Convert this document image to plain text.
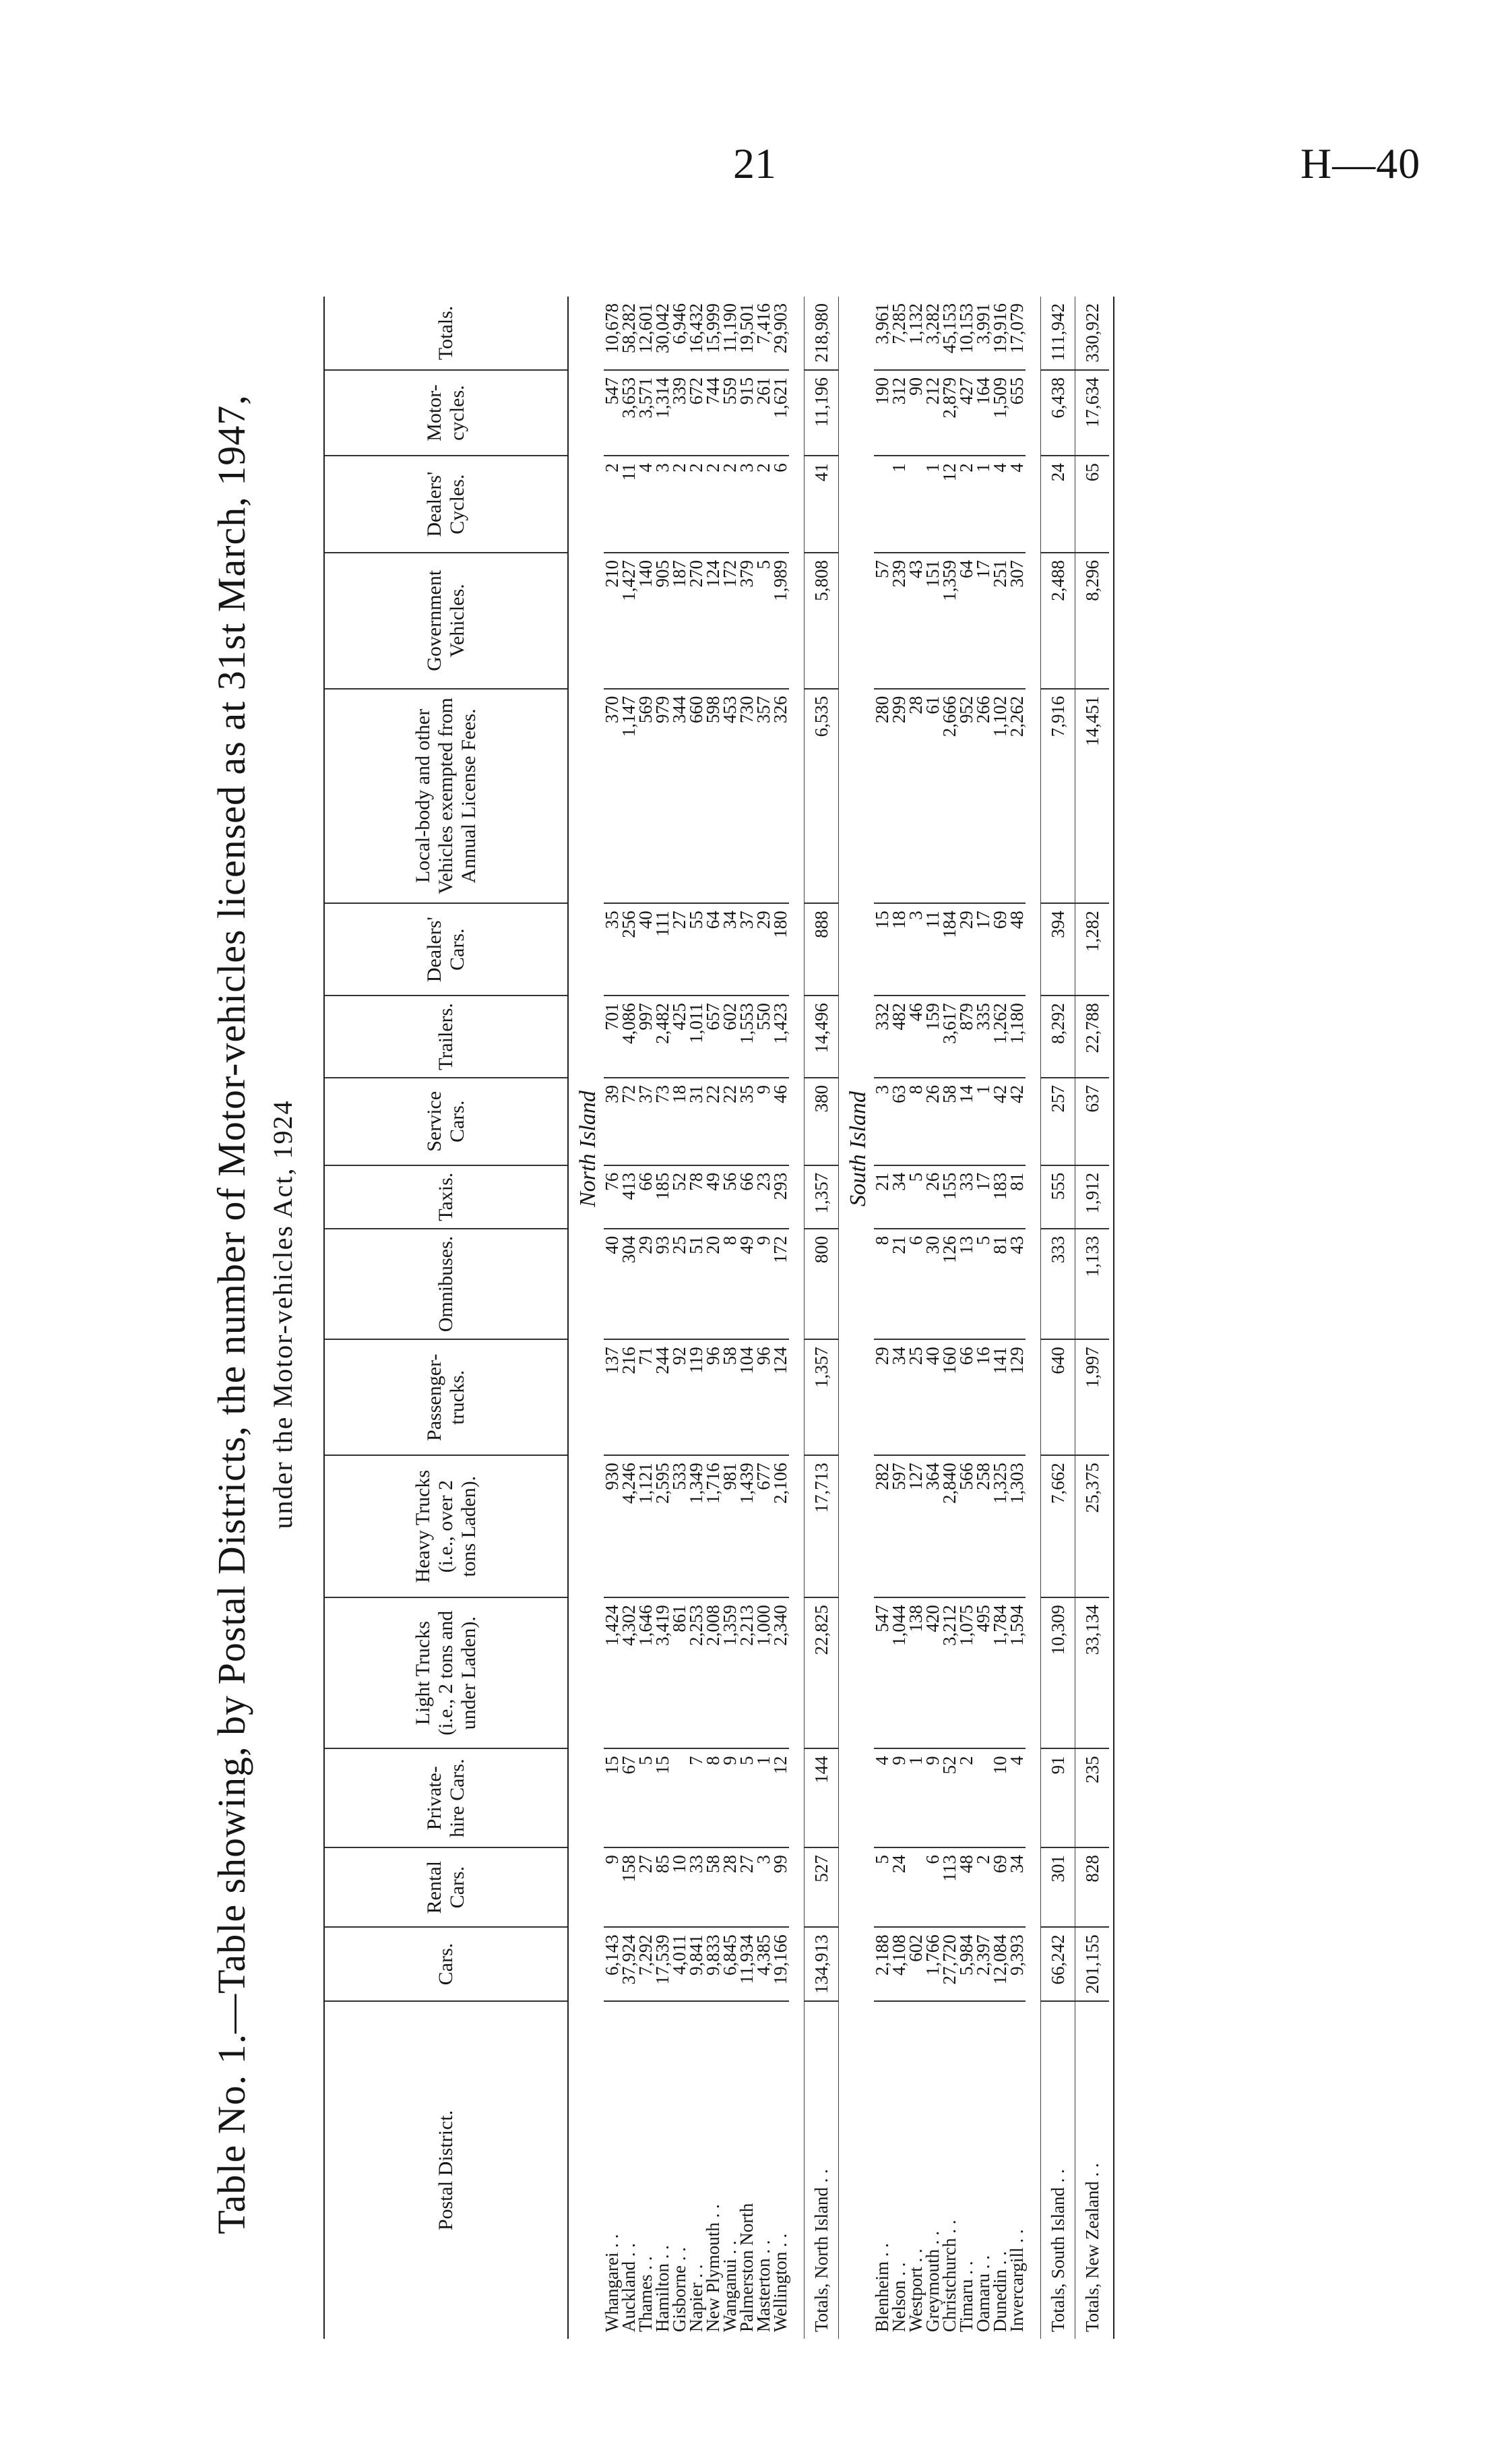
21	H—40
Table No. 1.—Table showing, by Postal Districts, the number of Motor-vehicles licensed as at 31st March, 1947, under the Motor-vehicles Act, 1924
Postal District.	Cars.	Rental Cars.	Private-hire Cars.	Light Trucks (i.e., 2 tons and under Laden).	Heavy Trucks (i.e., over 2 tons Laden).	Passenger-trucks.	Omnibuses.	Taxis.	Service Cars.	Trailers.	Dealers' Cars.	Local-body and other Vehicles exempted from Annual License Fees.	Government Vehicles.	Dealers' Cycles.	Motor-cycles.	Totals.
	North Island															
Whangarei . .	6,143	9	15	1,424	930	137	40	76	39	701	35	370	210	2	547	10,678
Auckland . .	37,924	158	67	4,302	4,246	216	304	413	72	4,086	256	1,147	1,427	11	3,653	58,282
Thames . .	7,292	27	5	1,646	1,121	71	29	66	37	997	40	569	140	4	3,571	12,601
Hamilton . .	17,539	85	15	3,419	2,595	244	93	185	73	2,482	111	979	905	3	1,314	30,042
Gisborne . .	4,011	10		861	533	92	25	52	18	425	27	344	187	2	339	6,946
Napier . .	9,841	33	7	2,253	1,349	119	51	78	31	1,011	55	660	270	2	672	16,432
New Plymouth . .	9,833	58	8	2,008	1,716	96	20	49	22	657	64	598	124	2	744	15,999
Wanganui . .	6,845	28	9	1,359	981	58	8	56	22	602	34	453	172	2	559	11,190
Palmerston North	11,934	27	5	2,213	1,439	104	49	66	35	1,553	37	730	379	3	915	19,501
Masterton . .	4,385	3	1	1,000	677	96	9	23	9	550	29	357	5	2	261	7,416
Wellington . .	19,166	99	12	2,340	2,106	124	172	293	46	1,423	180	326	1,989	6	1,621	29,903

Totals, North Island . .	134,913	527	144	22,825	17,713	1,357	800	1,357	380	14,496	888	6,535	5,808	41	11,196	218,980
	South Island															
Blenheim . .	2,188	5	4	547	282	29	8	21	3	332	15	280	57		190	3,961
Nelson . .	4,108	24	9	1,044	597	34	21	34	63	482	18	299	239	1	312	7,285
Westport . .	602		1	138	127	25	6	5	8	46	3	28	43		90	1,132
Greymouth . .	1,766	6	9	420	364	40	30	26	26	159	11	61	151	1	212	3,282
Christchurch . .	27,720	113	52	3,212	2,840	160	126	155	58	3,617	184	2,666	1,359	12	2,879	45,153
Timaru . .	5,984	48	2	1,075	566	66	13	33	14	879	29	952	64	2	427	10,153
Oamaru . .	2,397	2		495	258	16	5	17	1	335	17	266	17	1	164	3,991
Dunedin . .	12,084	69	10	1,784	1,325	141	81	183	42	1,262	69	1,102	251	4	1,509	19,916
Invercargill . .	9,393	34	4	1,594	1,303	129	43	81	42	1,180	48	2,262	307	4	655	17,079

Totals, South Island . .	66,242	301	91	10,309	7,662	640	333	555	257	8,292	394	7,916	2,488	24	6,438	111,942
Totals, New Zealand . .	201,155	828	235	33,134	25,375	1,997	1,133	1,912	637	22,788	1,282	14,451	8,296	65	17,634	330,922
